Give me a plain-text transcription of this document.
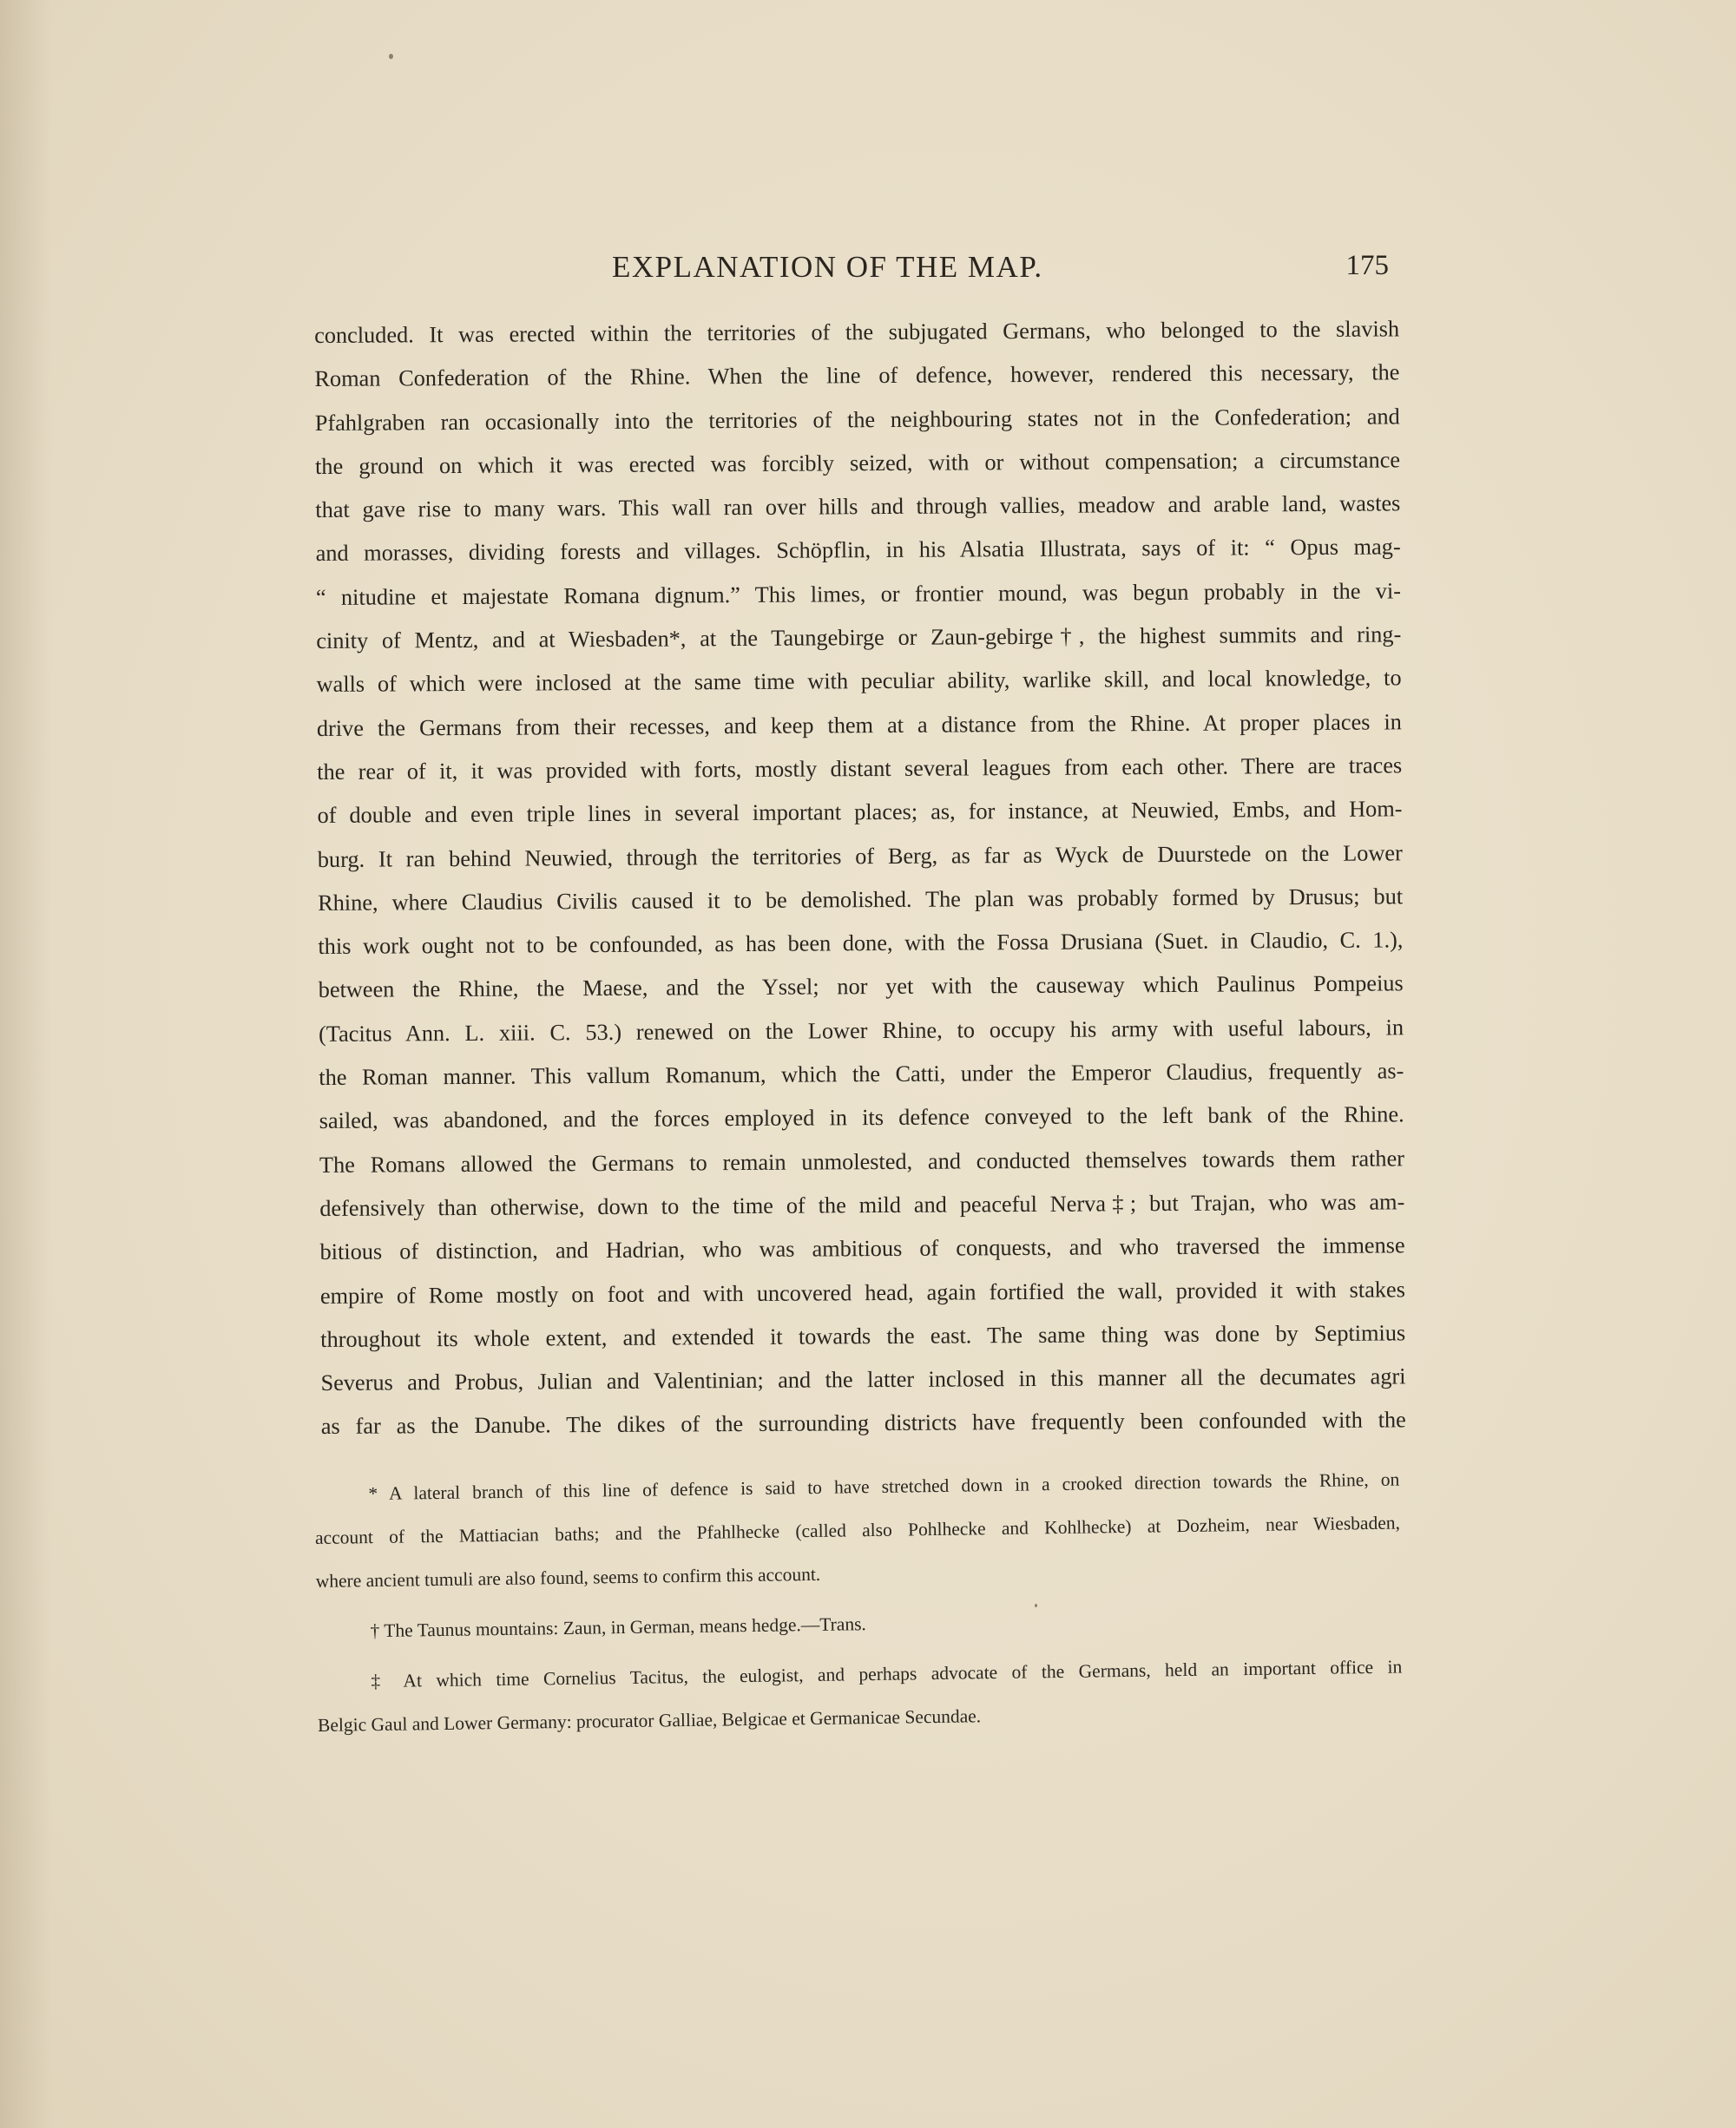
EXPLANATION OF THE MAP.	175
concluded. It was erected within the territories of the subjugated Germans, who belonged to the slavish
Roman Confederation of the Rhine. When the line of defence, however, rendered this necessary, the
Pfahlgraben ran occasionally into the territories of the neighbouring states not in the Confederation; and
the ground on which it was erected was forcibly seized, with or without compensation; a circumstance
that gave rise to many wars. This wall ran over hills and through vallies, meadow and arable land, wastes
and morasses, dividing forests and villages. Schöpflin, in his Alsatia Illustrata, says of it: “ Opus mag-
“ nitudine et majestate Romana dignum.” This limes, or frontier mound, was begun probably in the vi-
cinity of Mentz, and at Wiesbaden*, at the Taungebirge or Zaun-gebirge†, the highest summits and ring-
walls of which were inclosed at the same time with peculiar ability, warlike skill, and local knowledge, to
drive the Germans from their recesses, and keep them at a distance from the Rhine. At proper places in
the rear of it, it was provided with forts, mostly distant several leagues from each other. There are traces
of double and even triple lines in several important places; as, for instance, at Neuwied, Embs, and Hom-
burg. It ran behind Neuwied, through the territories of Berg, as far as Wyck de Duurstede on the Lower
Rhine, where Claudius Civilis caused it to be demolished. The plan was probably formed by Drusus; but
this work ought not to be confounded, as has been done, with the Fossa Drusiana (Suet. in Claudio, C. 1.),
between the Rhine, the Maese, and the Yssel; nor yet with the causeway which Paulinus Pompeius
(Tacitus Ann. L. xiii. C. 53.) renewed on the Lower Rhine, to occupy his army with useful labours, in
the Roman manner. This vallum Romanum, which the Catti, under the Emperor Claudius, frequently as-
sailed, was abandoned, and the forces employed in its defence conveyed to the left bank of the Rhine.
The Romans allowed the Germans to remain unmolested, and conducted themselves towards them rather
defensively than otherwise, down to the time of the mild and peaceful Nerva‡; but Trajan, who was am-
bitious of distinction, and Hadrian, who was ambitious of conquests, and who traversed the immense
empire of Rome mostly on foot and with uncovered head, again fortified the wall, provided it with stakes
throughout its whole extent, and extended it towards the east. The same thing was done by Septimius
Severus and Probus, Julian and Valentinian; and the latter inclosed in this manner all the decumates agri
as far as the Danube. The dikes of the surrounding districts have frequently been confounded with the
* A lateral branch of this line of defence is said to have stretched down in a crooked direction towards the Rhine, on
account of the Mattiacian baths; and the Pfahlhecke (called also Pohlhecke and Kohlhecke) at Dozheim, near Wiesbaden,
where ancient tumuli are also found, seems to confirm this account.
† The Taunus mountains: Zaun, in German, means hedge.—Trans.
‡ At which time Cornelius Tacitus, the eulogist, and perhaps advocate of the Germans, held an important office in
Belgic Gaul and Lower Germany: procurator Galliae, Belgicae et Germanicae Secundae.
